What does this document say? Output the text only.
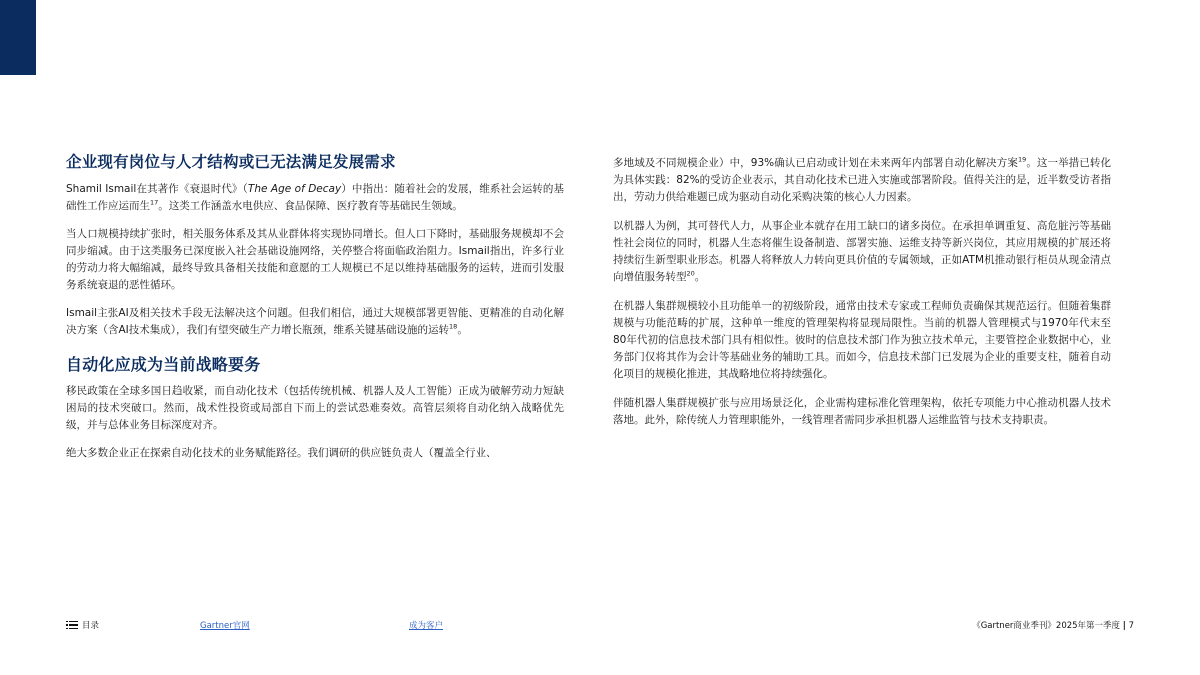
企业现有岗位与人才结构或已无法满足发展需求

Shamil Ismail在其著作《衰退时代》（The Age of Decay）中指出：随着社会的发展，维系社会运转的基础性工作应运而生$^{17}$。这类工作涵盖水电供应、食品保障、医疗教育等基础民生领域。

当人口规模持续扩张时，相关服务体系及其从业群体将实现协同增长。但人口下降时，基础服务规模却不会同步缩减。由于这类服务已深度嵌入社会基础设施网络，关停整合将面临政治阻力。Ismail指出，许多行业的劳动力将大幅缩减，最终导致具备相关技能和意愿的工人规模已不足以维持基础服务的运转，进而引发服务系统衰退的恶性循环。

Ismail主张AI及相关技术手段无法解决这个问题。但我们相信，通过大规模部署更智能、更精准的自动化解决方案（含AI技术集成），我们有望突破生产力增长瓶颈，维系关键基础设施的运转$^{18}$。

自动化应成为当前战略要务

移民政策在全球多国日趋收紧，而自动化技术（包括传统机械、机器人及人工智能）正成为破解劳动力短缺困局的技术突破口。然而，战术性投资或局部自下而上的尝试恐难奏效。高管层须将自动化纳入战略优先级，并与总体业务目标深度对齐。

绝大多数企业正在探索自动化技术的业务赋能路径。我们调研的供应链负责人（覆盖全行业、

多地域及不同规模企业）中，93%确认已启动或计划在未来两年内部署自动化解决方案$^{19}$。这一举措已转化为具体实践：82%的受访企业表示，其自动化技术已进入实施或部署阶段。值得关注的是，近半数受访者指出，劳动力供给难题已成为驱动自动化采购决策的核心人力因素。

以机器人为例，其可替代人力，从事企业本就存在用工缺口的诸多岗位。在承担单调重复、高危脏污等基础性社会岗位的同时，机器人生态将催生设备制造、部署实施、运维支持等新兴岗位，其应用规模的扩展还将持续衍生新型职业形态。机器人将释放人力转向更具价值的专属领域，正如ATM机推动银行柜员从现金清点向增值服务转型$^{20}$。

在机器人集群规模较小且功能单一的初级阶段，通常由技术专家或工程师负责确保其规范运行。但随着集群规模与功能范畴的扩展，这种单一维度的管理架构将显现局限性。当前的机器人管理模式与1970年代末至80年代初的信息技术部门具有相似性。彼时的信息技术部门作为独立技术单元，主要管控企业数据中心，业务部门仅将其作为会计等基础业务的辅助工具。而如今，信息技术部门已发展为企业的重要支柱，随着自动化项目的规模化推进，其战略地位将持续强化。

伴随机器人集群规模扩张与应用场景泛化，企业需构建标准化管理架构，依托专项能力中心推动机器人技术落地。此外，除传统人力管理职能外，一线管理者需同步承担机器人运维监管与技术支持职责。

目录	Gartner官网	成为客户	《Gartner商业季刊》2025年第一季度 | 7
